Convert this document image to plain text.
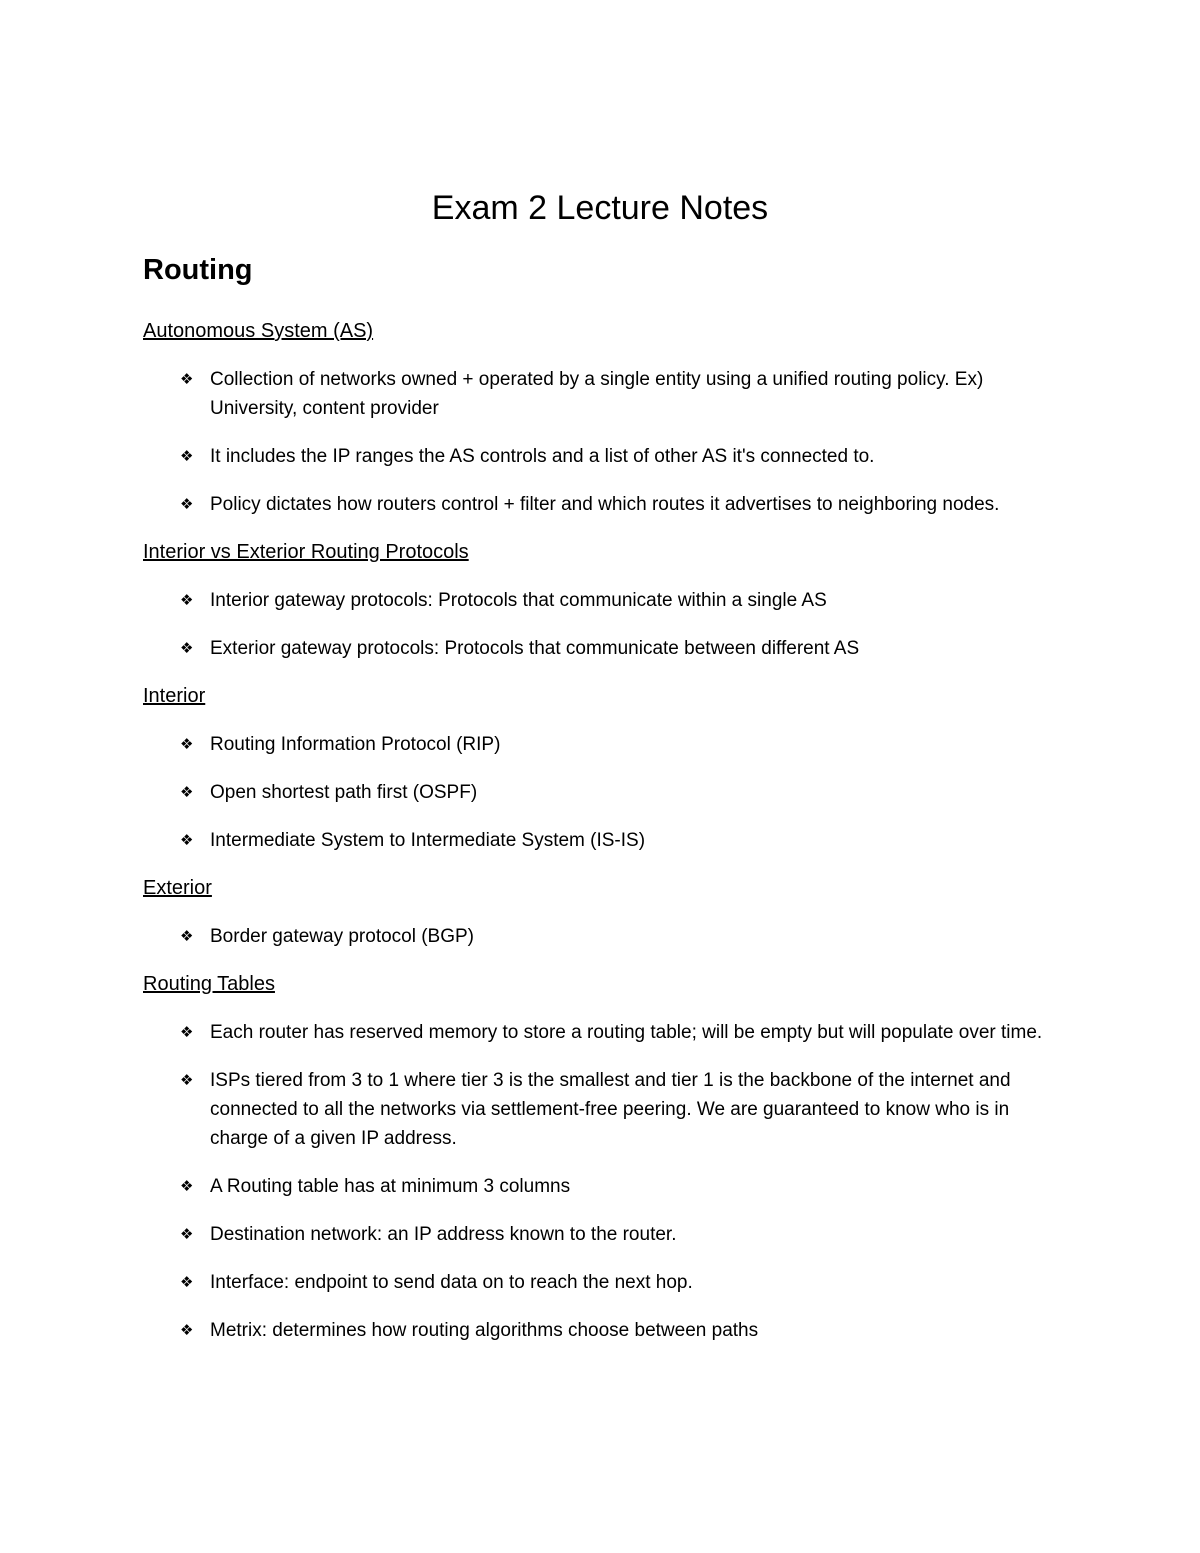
Exam 2 Lecture Notes
Routing
Autonomous System (AS)
❖ Collection of networks owned + operated by a single entity using a unified routing policy. Ex) University, content provider
❖ It includes the IP ranges the AS controls and a list of other AS it's connected to.
❖ Policy dictates how routers control + filter and which routes it advertises to neighboring nodes.
Interior vs Exterior Routing Protocols
❖ Interior gateway protocols: Protocols that communicate within a single AS
❖ Exterior gateway protocols: Protocols that communicate between different AS
Interior
❖ Routing Information Protocol (RIP)
❖ Open shortest path first (OSPF)
❖ Intermediate System to Intermediate System (IS-IS)
Exterior
❖ Border gateway protocol (BGP)
Routing Tables
❖ Each router has reserved memory to store a routing table; will be empty but will populate over time.
❖ ISPs tiered from 3 to 1 where tier 3 is the smallest and tier 1 is the backbone of the internet and connected to all the networks via settlement-free peering. We are guaranteed to know who is in charge of a given IP address.
❖ A Routing table has at minimum 3 columns
❖ Destination network: an IP address known to the router.
❖ Interface: endpoint to send data on to reach the next hop.
❖ Metrix: determines how routing algorithms choose between paths
